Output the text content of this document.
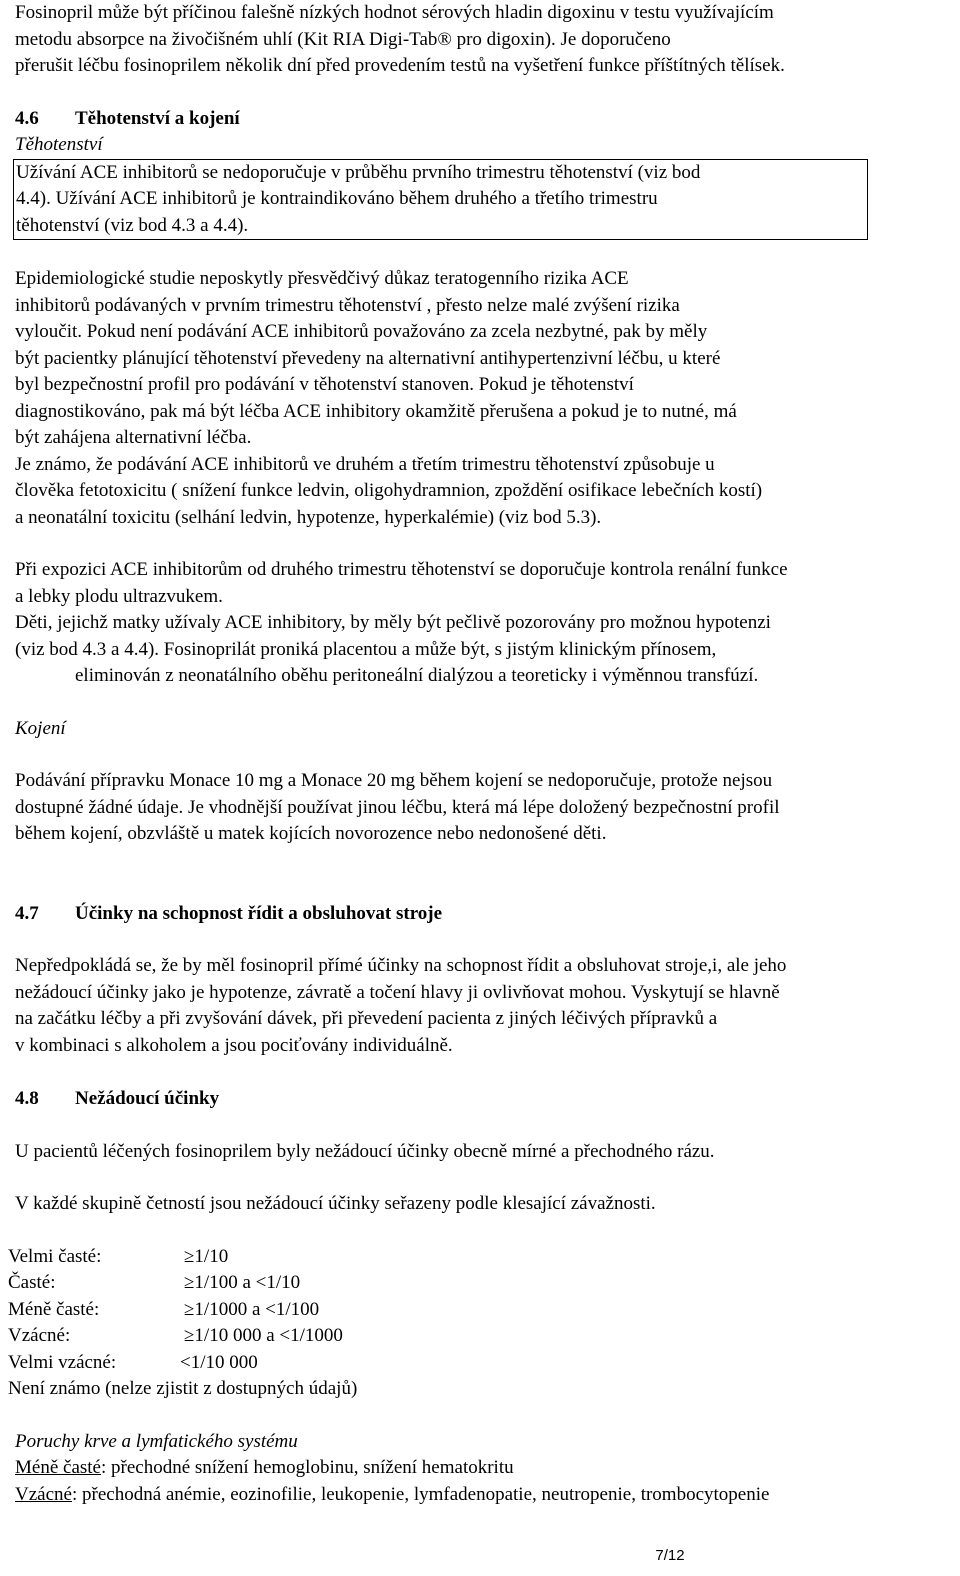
Fosinopril může být příčinou falešně nízkých hodnot sérových hladin digoxinu v testu využívajícím

metodu absorpce na živočišném uhlí (Kit RIA Digi-Tab® pro digoxin). Je doporučeno

přerušit léčbu fosinoprilem několik dní před provedením testů na vyšetření funkce příštítných tělísek.

4.6 Těhotenství a kojení
Těhotenství

Užívání ACE inhibitorů se nedoporučuje v průběhu prvního trimestru těhotenství (viz bod

4.4). Užívání ACE inhibitorů je kontraindikováno během druhého a třetího trimestru

těhotenství (viz bod 4.3 a 4.4).

Epidemiologické studie neposkytly přesvědčivý důkaz teratogenního rizika ACE

inhibitorů podávaných v prvním trimestru těhotenství , přesto nelze malé zvýšení rizika

vyloučit. Pokud není podávání ACE inhibitorů považováno za zcela nezbytné, pak by měly

být pacientky plánující těhotenství převedeny na alternativní antihypertenzivní léčbu, u které

byl bezpečnostní profil pro podávání v těhotenství stanoven. Pokud je těhotenství

diagnostikováno, pak má být léčba ACE inhibitory okamžitě přerušena a pokud je to nutné, má

být zahájena alternativní léčba.

Je známo, že podávání ACE inhibitorů ve druhém a třetím trimestru těhotenství způsobuje u

člověka fetotoxicitu ( snížení funkce ledvin, oligohydramnion, zpoždění osifikace lebečních kostí)

a neonatální toxicitu (selhání ledvin, hypotenze, hyperkalémie) (viz bod 5.3).

Při expozici ACE inhibitorům od druhého trimestru těhotenství se doporučuje kontrola renální funkce

a lebky plodu ultrazvukem.

Děti, jejichž matky užívaly ACE inhibitory, by měly být pečlivě pozorovány pro možnou hypotenzi

(viz bod 4.3 a 4.4). Fosinoprilát proniká placentou a může být, s jistým klinickým přínosem,

eliminován z neonatálního oběhu peritoneální dialýzou a teoreticky i výměnnou transfúzí.

Kojení

Podávání přípravku Monace 10 mg a Monace 20 mg během kojení se nedoporučuje, protože nejsou

dostupné žádné údaje. Je vhodnější používat jinou léčbu, která má lépe doložený bezpečnostní profil

během kojení, obzvláště u matek kojících novorozence nebo nedonošené děti.

4.7 Účinky na schopnost řídit a obsluhovat stroje

Nepředpokládá se, že by měl fosinopril přímé účinky na schopnost řídit a obsluhovat stroje,i, ale jeho

nežádoucí účinky jako je hypotenze, závratě a točení hlavy ji ovlivňovat mohou. Vyskytují se hlavně

na začátku léčby a při zvyšování dávek, při převedení pacienta z jiných léčivých přípravků a

v kombinaci s alkoholem a jsou pociťovány individuálně.

4.8 Nežádoucí účinky

U pacientů léčených fosinoprilem byly nežádoucí účinky obecně mírné a přechodného rázu.

V každé skupině četností jsou nežádoucí účinky seřazeny podle klesající závažnosti.

Velmi časté:	≥1/10
Časté:	≥1/100 a <1/10
Méně časté:	≥1/1000 a <1/100
Vzácné:	≥1/10 000 a <1/1000
Velmi vzácné:	<1/10 000

Není známo (nelze zjistit z dostupných údajů)

Poruchy krve a lymfatického systému

Méně časté: přechodné snížení hemoglobinu, snížení hematokritu

Vzácné: přechodná anémie, eozinofilie, leukopenie, lymfadenopatie, neutropenie, trombocytopenie

7/12
